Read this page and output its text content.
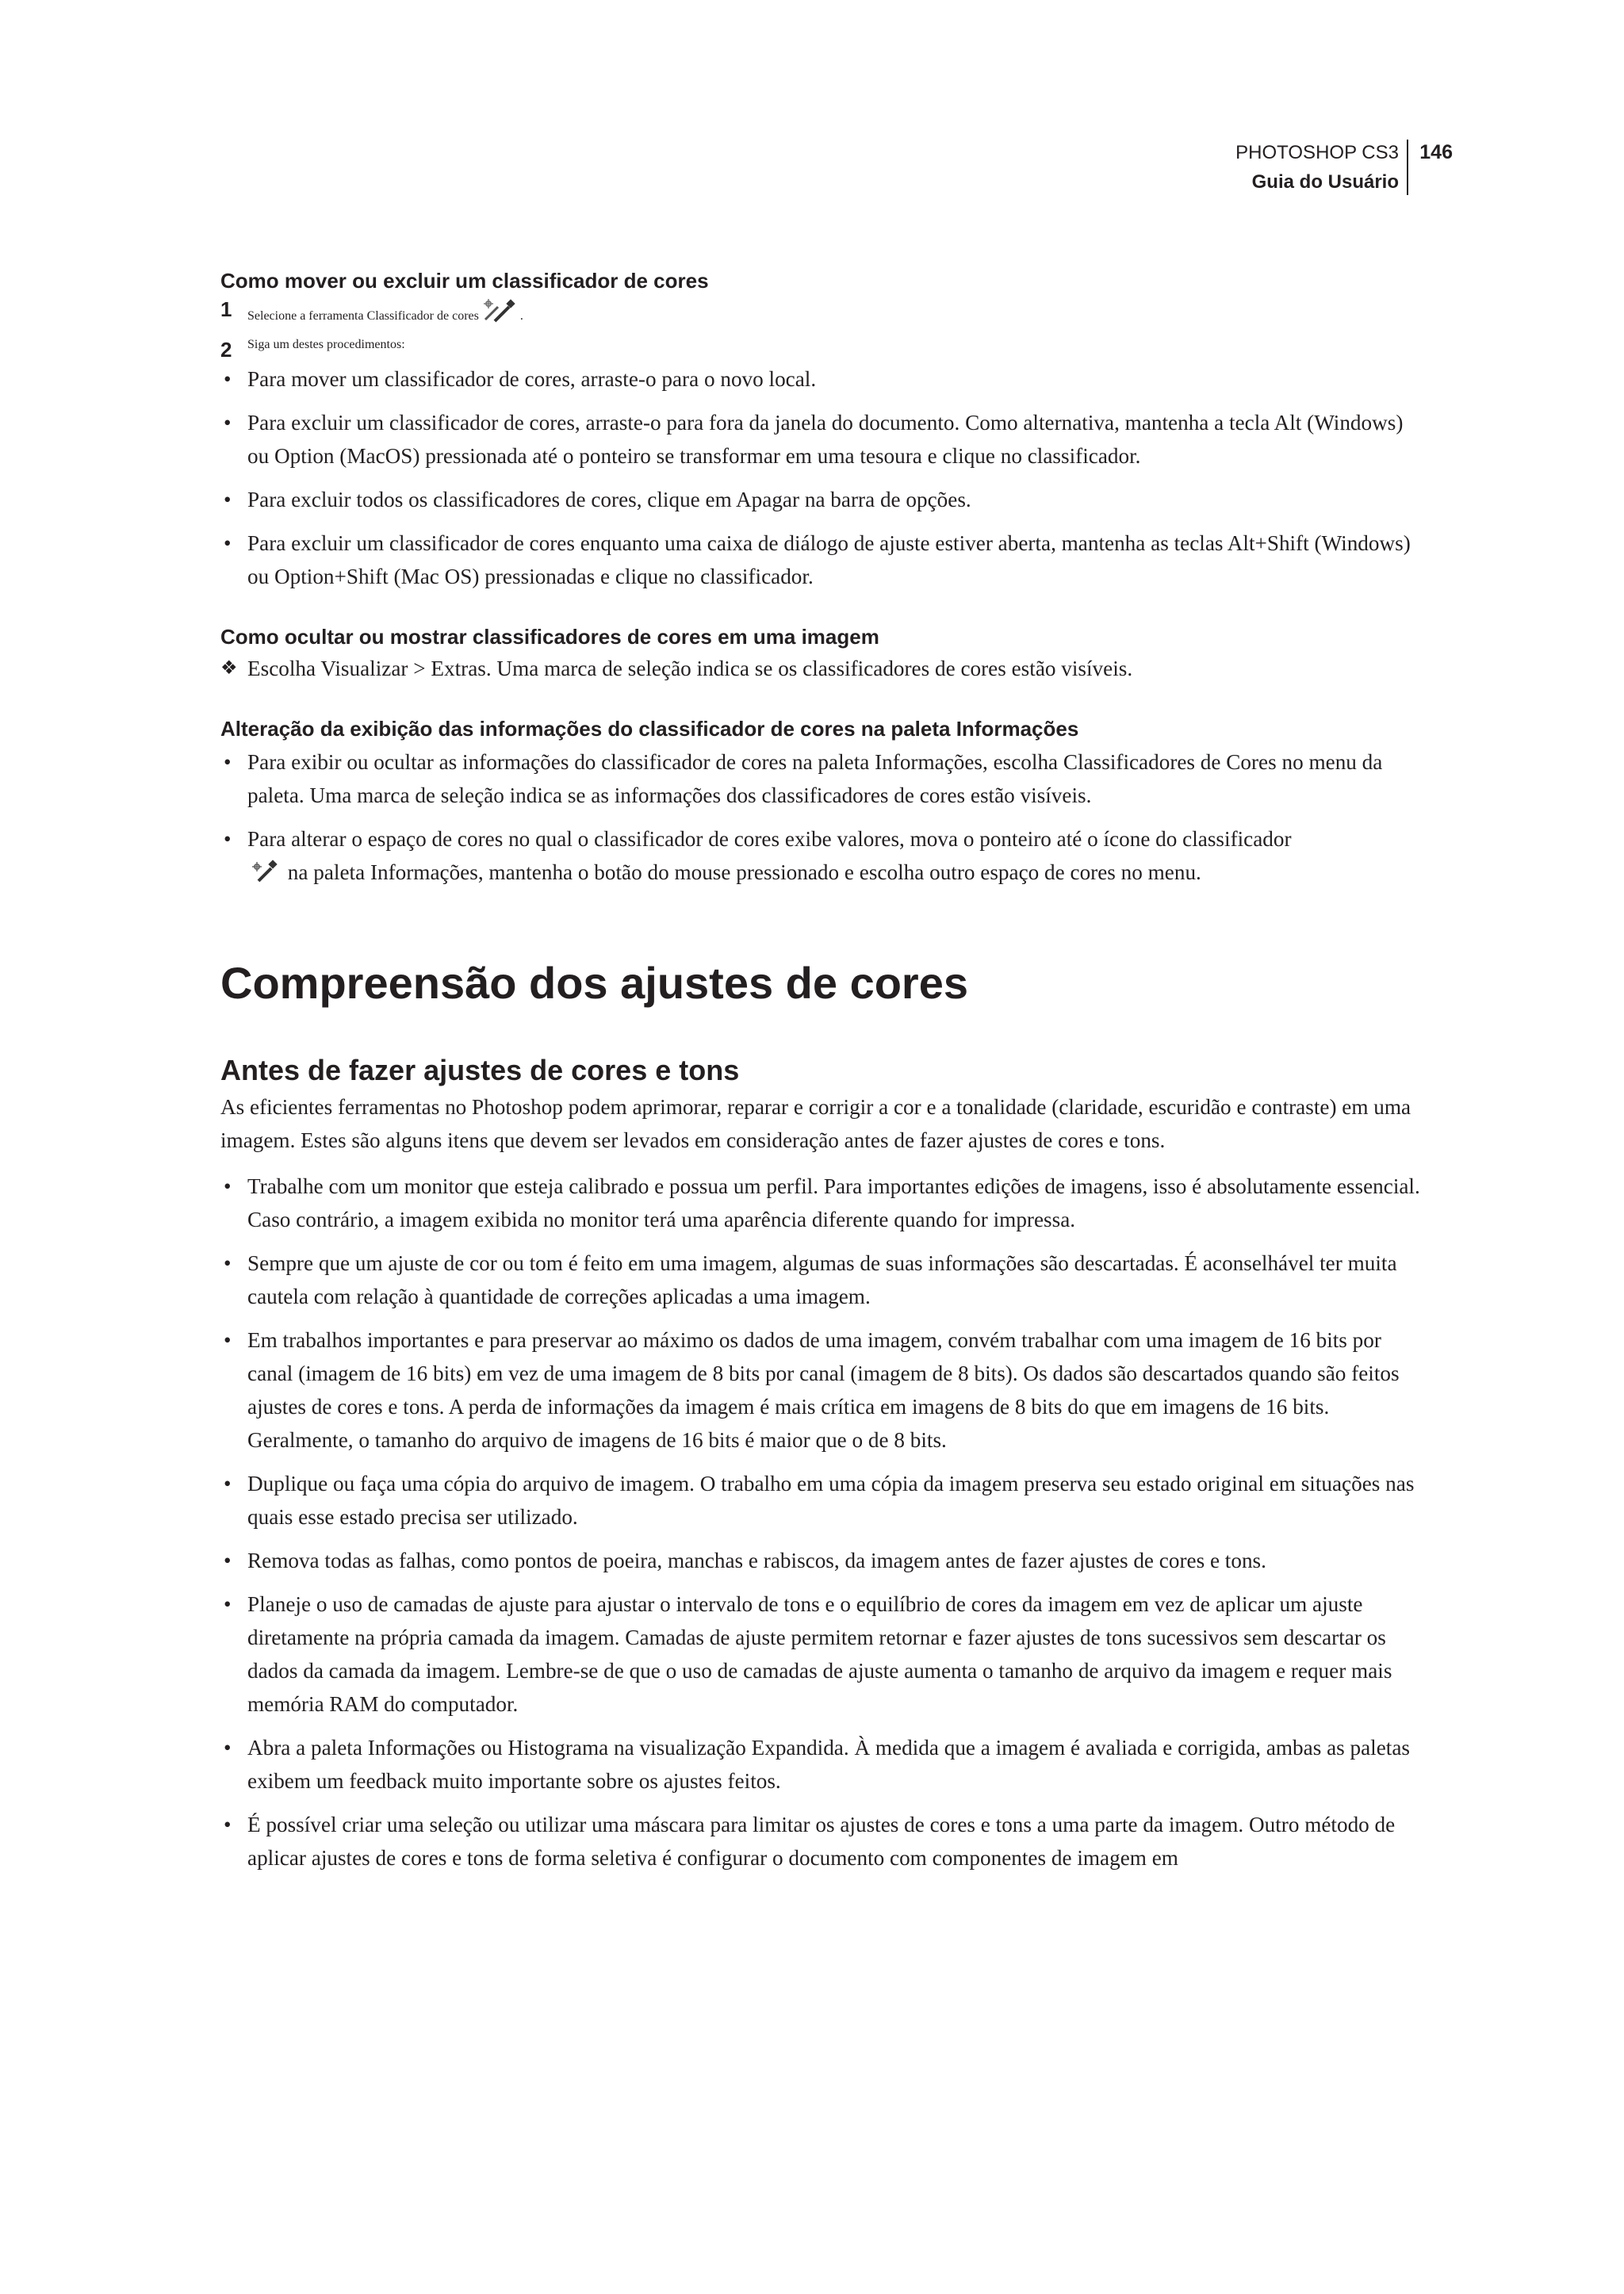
PHOTOSHOP CS3
Guia do Usuário
146
Como mover ou excluir um classificador de cores
1 Selecione a ferramenta Classificador de cores	.
2 Siga um destes procedimentos:
• Para mover um classificador de cores, arraste-o para o novo local.
• Para excluir um classificador de cores, arraste-o para fora da janela do documento. Como alternativa, mantenha a tecla Alt (Windows) ou Option (MacOS) pressionada até o ponteiro se transformar em uma tesoura e clique no classificador.
• Para excluir todos os classificadores de cores, clique em Apagar na barra de opções.
• Para excluir um classificador de cores enquanto uma caixa de diálogo de ajuste estiver aberta, mantenha as teclas Alt+Shift (Windows) ou Option+Shift (Mac OS) pressionadas e clique no classificador.
Como ocultar ou mostrar classificadores de cores em uma imagem

❖ Escolha Visualizar > Extras. Uma marca de seleção indica se os classificadores de cores estão visíveis.

Alteração da exibição das informações do classificador de cores na paleta Informações
• Para exibir ou ocultar as informações do classificador de cores na paleta Informações, escolha Classificadores de Cores no menu da paleta. Uma marca de seleção indica se as informações dos classificadores de cores estão visíveis.
• Para alterar o espaço de cores no qual o classificador de cores exibe valores, mova o ponteiro até o ícone do classificador
na paleta Informações, mantenha o botão do mouse pressionado e escolha outro espaço de cores no menu.
Compreensão dos ajustes de cores
Antes de fazer ajustes de cores e tons

As eficientes ferramentas no Photoshop podem aprimorar, reparar e corrigir a cor e a tonalidade (claridade, escuridão e contraste) em uma imagem. Estes são alguns itens que devem ser levados em consideração antes de fazer ajustes de cores e tons.

• Trabalhe com um monitor que esteja calibrado e possua um perfil. Para importantes edições de imagens, isso é absolutamente essencial. Caso contrário, a imagem exibida no monitor terá uma aparência diferente quando for impressa.
• Sempre que um ajuste de cor ou tom é feito em uma imagem, algumas de suas informações são descartadas. É aconselhável ter muita cautela com relação à quantidade de correções aplicadas a uma imagem.
• Em trabalhos importantes e para preservar ao máximo os dados de uma imagem, convém trabalhar com uma imagem de 16 bits por canal (imagem de 16 bits) em vez de uma imagem de 8 bits por canal (imagem de 8 bits). Os dados são descartados quando são feitos ajustes de cores e tons. A perda de informações da imagem é mais crítica em imagens de 8 bits do que em imagens de 16 bits. Geralmente, o tamanho do arquivo de imagens de 16 bits é maior que o de 8 bits.
• Duplique ou faça uma cópia do arquivo de imagem. O trabalho em uma cópia da imagem preserva seu estado original em situações nas quais esse estado precisa ser utilizado.
• Remova todas as falhas, como pontos de poeira, manchas e rabiscos, da imagem antes de fazer ajustes de cores e tons.
• Planeje o uso de camadas de ajuste para ajustar o intervalo de tons e o equilíbrio de cores da imagem em vez de aplicar um ajuste diretamente na própria camada da imagem. Camadas de ajuste permitem retornar e fazer ajustes de tons sucessivos sem descartar os dados da camada da imagem. Lembre-se de que o uso de camadas de ajuste aumenta o tamanho de arquivo da imagem e requer mais memória RAM do computador.
• Abra a paleta Informações ou Histograma na visualização Expandida. À medida que a imagem é avaliada e corrigida, ambas as paletas exibem um feedback muito importante sobre os ajustes feitos.
• É possível criar uma seleção ou utilizar uma máscara para limitar os ajustes de cores e tons a uma parte da imagem. Outro método de aplicar ajustes de cores e tons de forma seletiva é configurar o documento com componentes de imagem em
